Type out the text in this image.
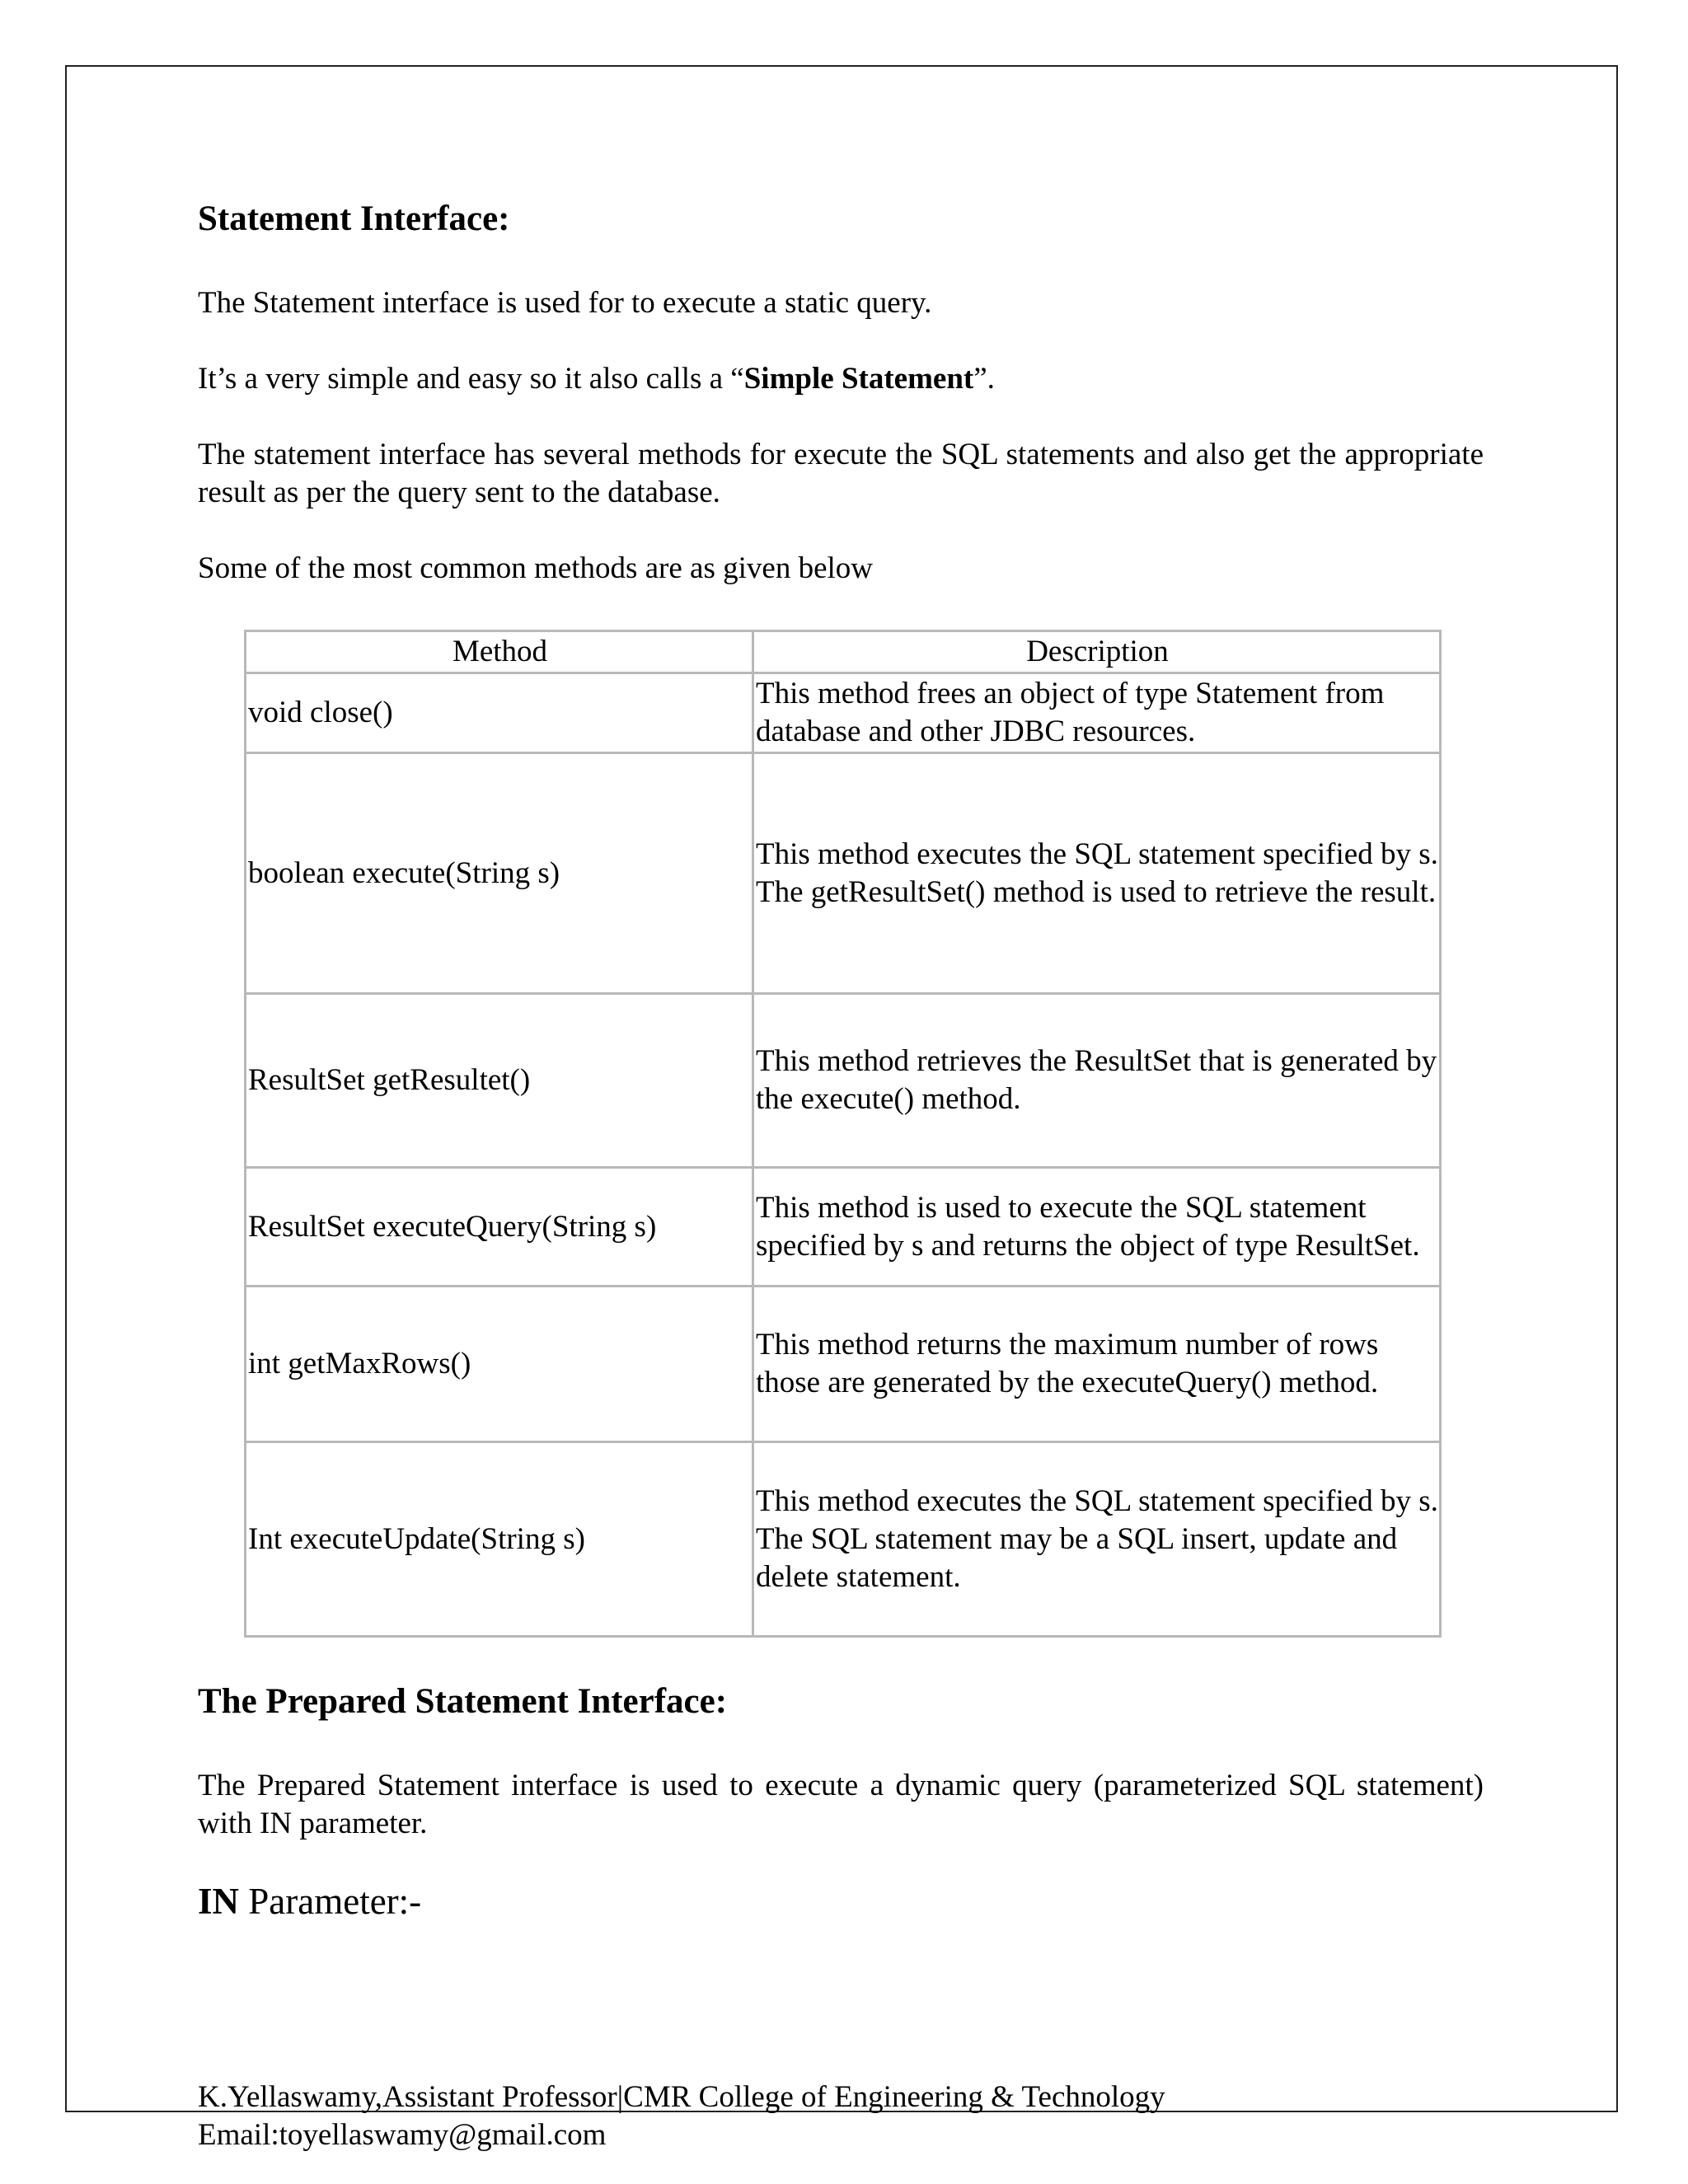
Statement Interface:
The Statement interface is used for to execute a static query.
It’s a very simple and easy so it also calls a “Simple Statement”.
The statement interface has several methods for execute the SQL statements and also get the appropriate result as per the query sent to the database.
Some of the most common methods are as given below
Method	Description
void close()	This method frees an object of type Statement from database and other JDBC resources.
boolean execute(String s)	This method executes the SQL statement specified by s. The getResultSet() method is used to retrieve the result.
ResultSet getResultet()	This method retrieves the ResultSet that is generated by the execute() method.
ResultSet executeQuery(String s)	This method is used to execute the SQL statement specified by s and returns the object of type ResultSet.
int getMaxRows()	This method returns the maximum number of rows those are generated by the executeQuery() method.
Int executeUpdate(String s)	This method executes the SQL statement specified by s. The SQL statement may be a SQL insert, update and delete statement.
The Prepared Statement Interface:
The Prepared Statement interface is used to execute a dynamic query (parameterized SQL statement) with IN parameter.
IN Parameter:-
K.Yellaswamy,Assistant Professor|CMR College of Engineering & Technology
Email:toyellaswamy@gmail.com
